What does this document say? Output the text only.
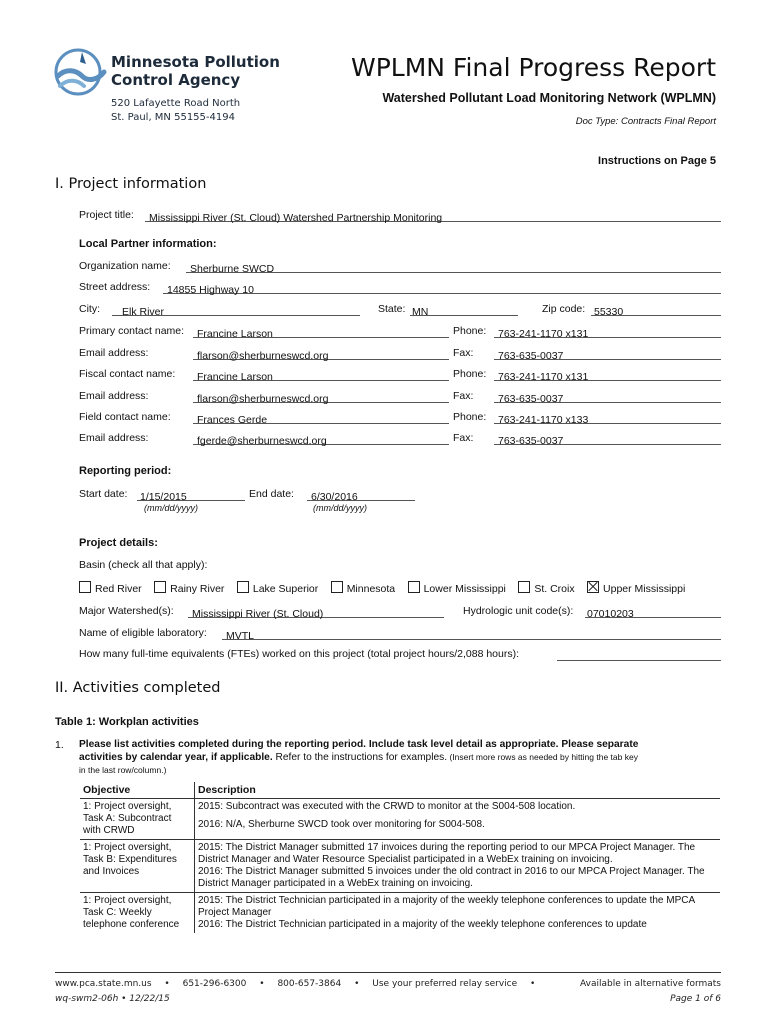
Minnesota Pollution
Control Agency
520 Lafayette Road North
St. Paul, MN 55155-4194
WPLMN Final Progress Report
Watershed Pollutant Load Monitoring Network (WPLMN)
Doc Type: Contracts Final Report
Instructions on Page 5
I. Project information
Project title:	Mississippi River (St. Cloud) Watershed Partnership Monitoring
Local Partner information:
Organization name:	Sherburne SWCD
Street address:	14855 Highway 10
City:	Elk River	State: MN	Zip code: 55330
Primary contact name:	Francine Larson	Phone:	763-241-1170 x131
Email address:	flarson@sherburneswcd.org	Fax:	763-635-0037
Fiscal contact name:	Francine Larson	Phone:	763-241-1170 x131
Email address:	flarson@sherburneswcd.org	Fax:	763-635-0037
Field contact name:	Frances Gerde	Phone:	763-241-1170 x133
Email address:	fgerde@sherburneswcd.org	Fax:	763-635-0037
Reporting period:
Start date: 1/15/2015
(mm/dd/yyyy)
End date:	6/30/2016
(mm/dd/yyyy)
Project details:
Basin (check all that apply):
Red River	Rainy River	Lake Superior	Minnesota	Lower Mississippi	St. Croix	Upper Mississippi
Major Watershed(s):	Mississippi River (St. Cloud)	Hydrologic unit code(s): 07010203
Name of eligible laboratory:	MVTL
How many full-time equivalents (FTEs) worked on this project (total project hours/2,088 hours):
II. Activities completed
Table 1: Workplan activities
1. Please list activities completed during the reporting period. Include task level detail as appropriate. Please separate
activities by calendar year, if applicable. Refer to the instructions for examples. (Insert more rows as needed by hitting the tab key
in the last row/column.)
Objective	Description
1: Project oversight, Task A: Subcontract with CRWD	2015: Subcontract was executed with the CRWD to monitor at the S004-508 location.
2016: N/A, Sherburne SWCD took over monitoring for S004-508.

1: Project oversight, Task B: Expenditures and Invoices	2015: The District Manager submitted 17 invoices during the reporting period to our MPCA Project Manager. The District Manager and Water Resource Specialist participated in a WebEx training on invoicing.
2016: The District Manager submitted 5 invoices under the old contract in 2016 to our MPCA Project Manager. The District Manager participated in a WebEx training on invoicing.

1: Project oversight, Task C: Weekly telephone conference	2015: The District Technician participated in a majority of the weekly telephone conferences to update the MPCA Project Manager
2016: The District Technician participated in a majority of the weekly telephone conferences to update
www.pca.state.mn.us • 651-296-6300 • 800-657-3864 • Use your preferred relay service •	Available in alternative formats
wq-swm2-06h • 12/22/15	Page 1 of 6
